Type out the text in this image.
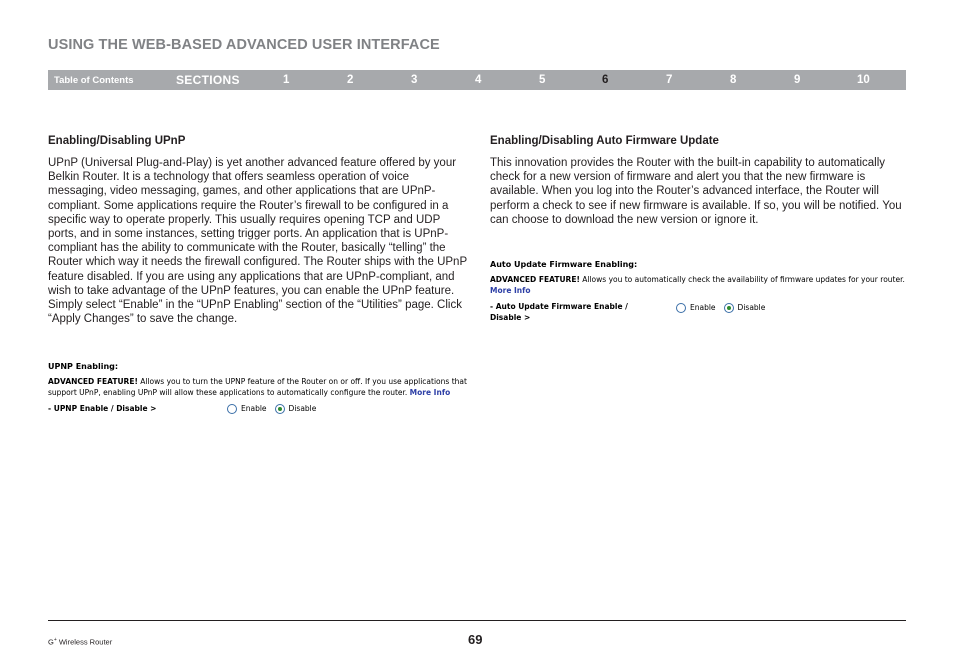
USING THE WEB-BASED ADVANCED USER INTERFACE
Table of Contents	SECTIONS	1	2	3	4	5	6	7	8	9	10
Enabling/Disabling UPnP

UPnP (Universal Plug-and-Play) is yet another advanced feature offered by your Belkin Router. It is a technology that offers seamless operation of voice messaging, video messaging, games, and other applications that are UPnP-compliant. Some applications require the Router’s firewall to be configured in a specific way to operate properly. This usually requires opening TCP and UDP ports, and in some instances, setting trigger ports. An application that is UPnP-compliant has the ability to communicate with the Router, basically “telling” the Router which way it needs the firewall configured. The Router ships with the UPnP feature disabled. If you are using any applications that are UPnP-compliant, and wish to take advantage of the UPnP features, you can enable the UPnP feature. Simply select “Enable” in the “UPnP Enabling” section of the “Utilities” page. Click “Apply Changes” to save the change.

Enabling/Disabling Auto Firmware Update

This innovation provides the Router with the built-in capability to automatically check for a new version of firmware and alert you that the new firmware is available. When you log into the Router’s advanced interface, the Router will perform a check to see if new firmware is available. If so, you will be notified. You can choose to download the new version or ignore it.

UPNP Enabling:
ADVANCED FEATURE! Allows you to turn the UPNP feature of the Router on or off. If you use applications that support UPnP, enabling UPnP will allow these applications to automatically configure the router. More Info
- UPNP Enable / Disable >	Enable	Disable
Auto Update Firmware Enabling:
ADVANCED FEATURE! Allows you to automatically check the availability of firmware updates for your router. More Info
- Auto Update Firmware Enable /
Disable >
Enable	Disable
G+ Wireless Router	69
